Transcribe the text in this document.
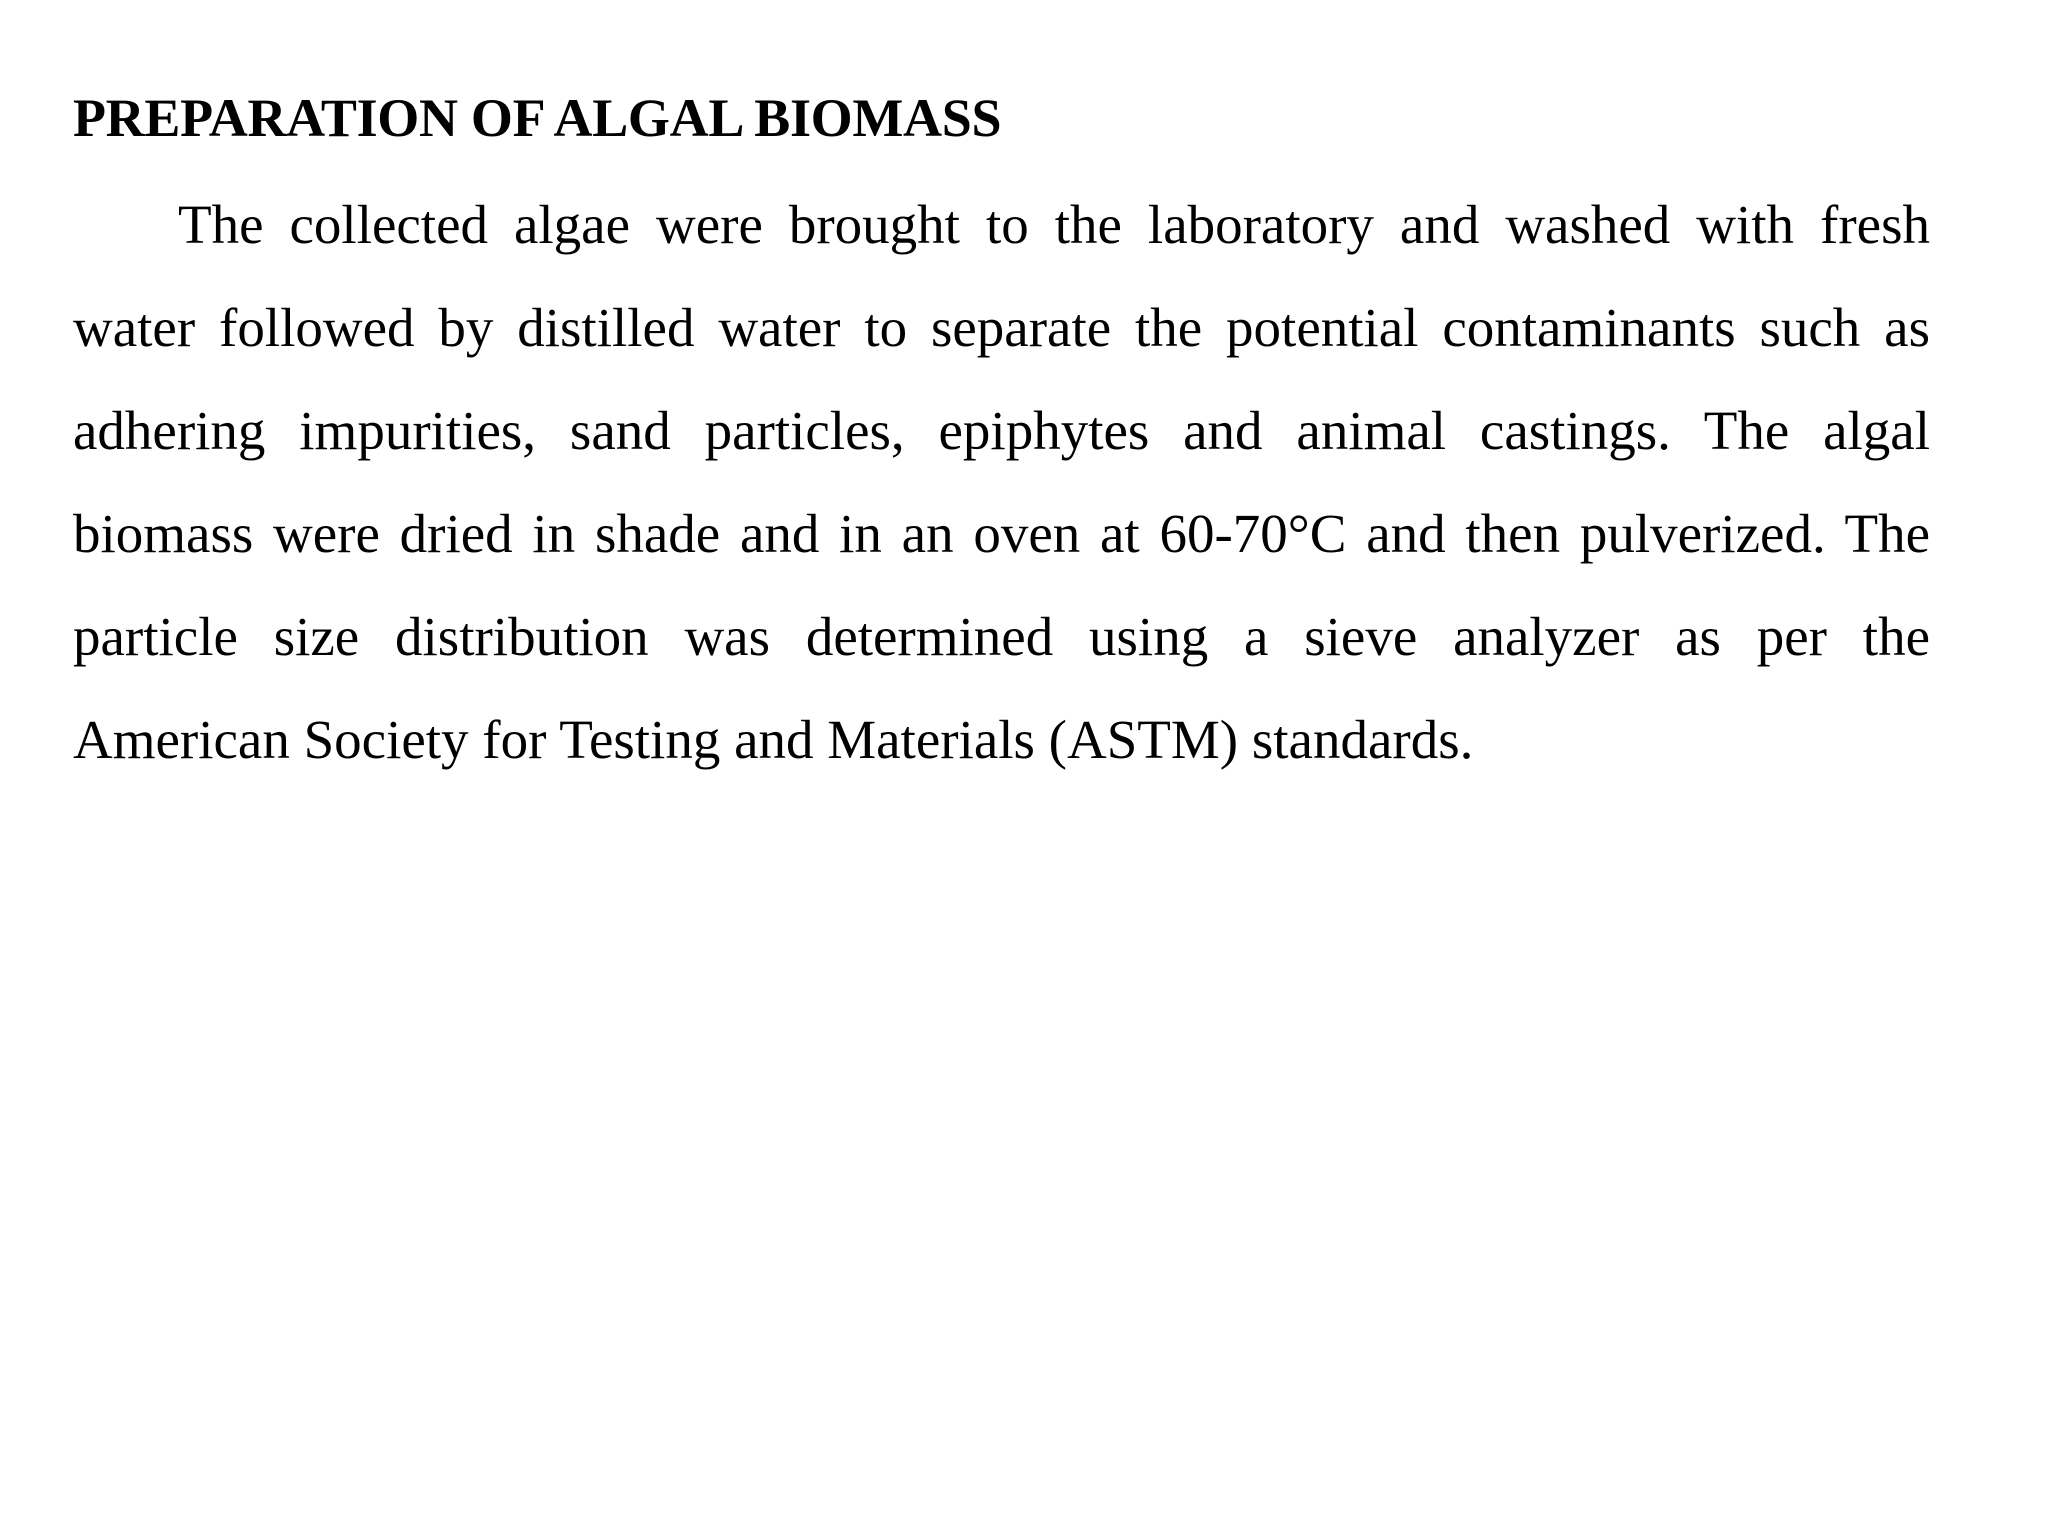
PREPARATION OF ALGAL BIOMASS

The collected algae were brought to the laboratory and washed with fresh

water followed by distilled water to separate the potential contaminants such as

adhering impurities, sand particles, epiphytes and animal castings. The algal

biomass were dried in shade and in an oven at 60-70°C and then pulverized. The

particle size distribution was determined using a sieve analyzer as per the

American Society for Testing and Materials (ASTM) standards.
